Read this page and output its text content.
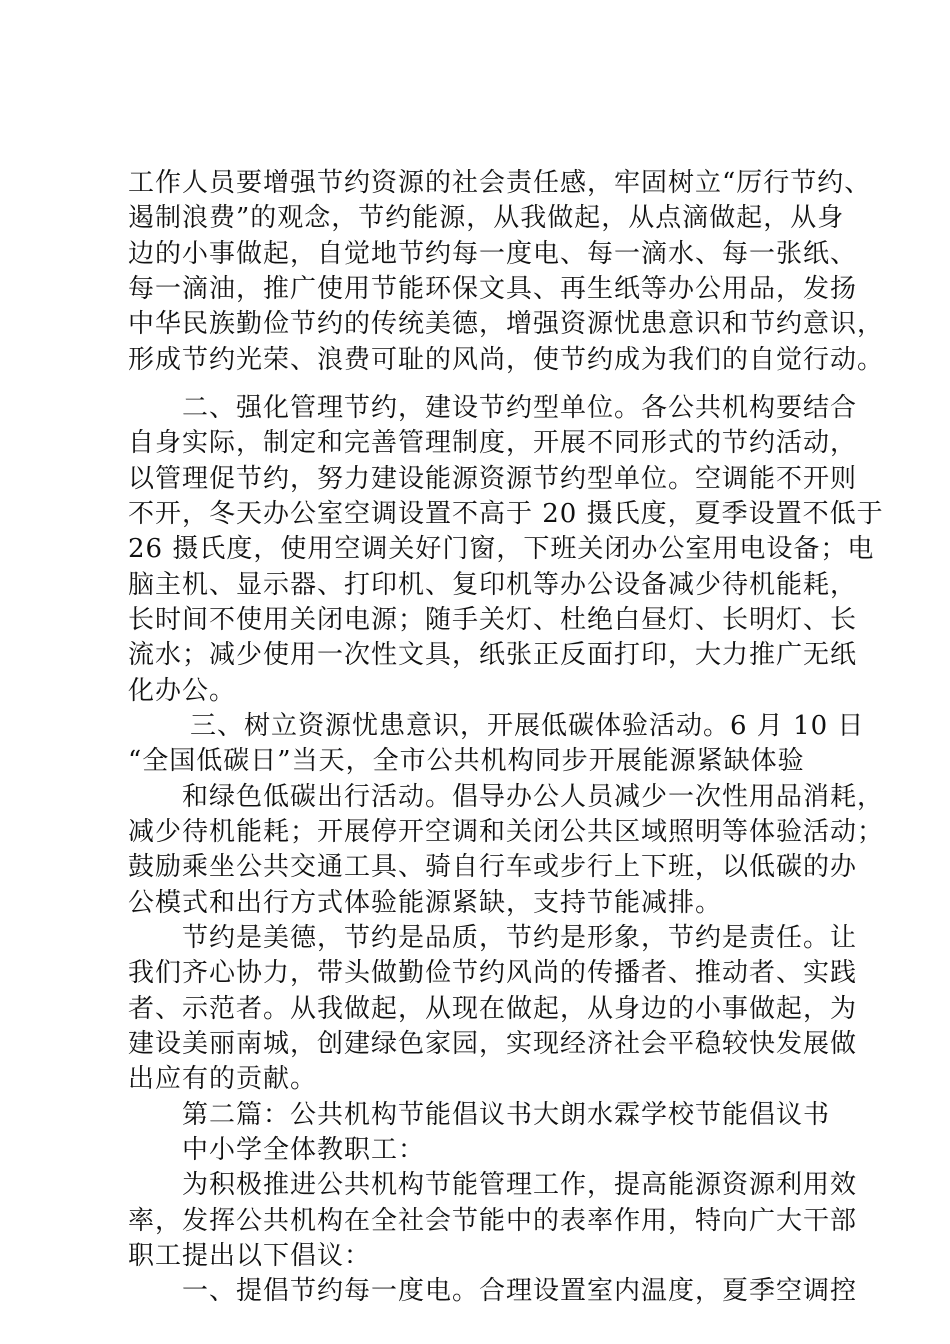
工作人员要增强节约资源的社会责任感，牢固树立“厉行节约、
遏制浪费”的观念，节约能源，从我做起，从点滴做起，从身
边的小事做起，自觉地节约每一度电、每一滴水、每一张纸、
每一滴油，推广使用节能环保文具、再生纸等办公用品，发扬
中华民族勤俭节约的传统美德，增强资源忧患意识和节约意识，
形成节约光荣、浪费可耻的风尚，使节约成为我们的自觉行动。
二、强化管理节约，建设节约型单位。各公共机构要结合
自身实际，制定和完善管理制度，开展不同形式的节约活动，
以管理促节约，努力建设能源资源节约型单位。空调能不开则
不开，冬天办公室空调设置不高于 20 摄氏度，夏季设置不低于
26 摄氏度，使用空调关好门窗，下班关闭办公室用电设备；电
脑主机、显示器、打印机、复印机等办公设备减少待机能耗，
长时间不使用关闭电源；随手关灯、杜绝白昼灯、长明灯、长
流水；减少使用一次性文具，纸张正反面打印，大力推广无纸
化办公。
三、树立资源忧患意识，开展低碳体验活动。6 月 10 日
“全国低碳日”当天，全市公共机构同步开展能源紧缺体验
和绿色低碳出行活动。倡导办公人员减少一次性用品消耗，
减少待机能耗；开展停开空调和关闭公共区域照明等体验活动；
鼓励乘坐公共交通工具、骑自行车或步行上下班，以低碳的办
公模式和出行方式体验能源紧缺，支持节能减排。
节约是美德，节约是品质，节约是形象，节约是责任。让
我们齐心协力，带头做勤俭节约风尚的传播者、推动者、实践
者、示范者。从我做起，从现在做起，从身边的小事做起，为
建设美丽南城，创建绿色家园，实现经济社会平稳较快发展做
出应有的贡献。
第二篇：公共机构节能倡议书大朗水霖学校节能倡议书
中小学全体教职工：
为积极推进公共机构节能管理工作，提高能源资源利用效
率，发挥公共机构在全社会节能中的表率作用，特向广大干部
职工提出以下倡议：
一、提倡节约每一度电。合理设置室内温度，夏季空调控
